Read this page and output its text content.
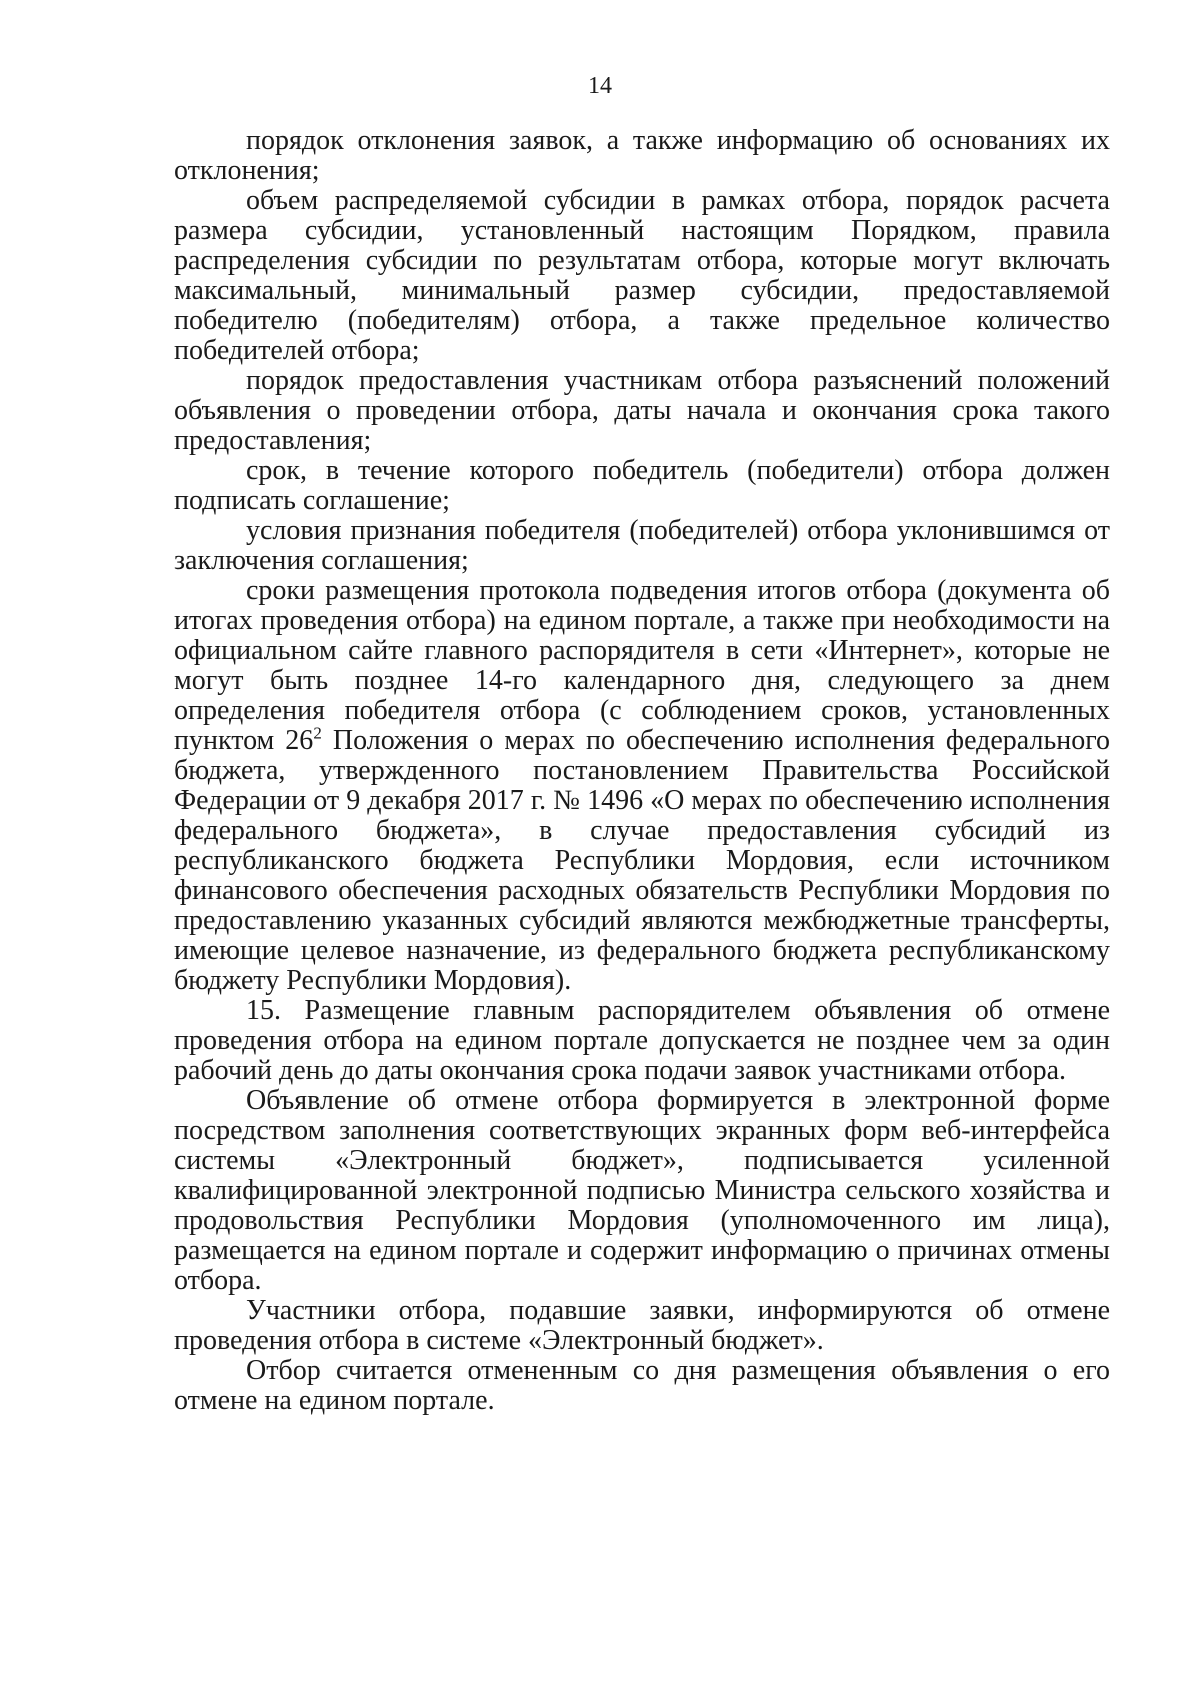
14

порядок отклонения заявок, а также информацию об основаниях их отклонения;

объем распределяемой субсидии в рамках отбора, порядок расчета размера субсидии, установленный настоящим Порядком, правила распределения субсидии по результатам отбора, которые могут включать максимальный, минимальный размер субсидии, предоставляемой победителю (победителям) отбора, а также предельное количество победителей отбора;

порядок предоставления участникам отбора разъяснений положений объявления о проведении отбора, даты начала и окончания срока такого предоставления;

срок, в течение которого победитель (победители) отбора должен подписать соглашение;

условия признания победителя (победителей) отбора уклонившимся от заключения соглашения;

сроки размещения протокола подведения итогов отбора (документа об итогах проведения отбора) на едином портале, а также при необходимости на официальном сайте главного распорядителя в сети «Интернет», которые не могут быть позднее 14-го календарного дня, следующего за днем определения победителя отбора (с соблюдением сроков, установленных пунктом $26^2$ Положения о мерах по обеспечению исполнения федерального бюджета, утвержденного постановлением Правительства Российской Федерации от 9 декабря 2017 г. № 1496 «О мерах по обеспечению исполнения федерального бюджета», в случае предоставления субсидий из республиканского бюджета Республики Мордовия, если источником финансового обеспечения расходных обязательств Республики Мордовия по предоставлению указанных субсидий являются межбюджетные трансферты, имеющие целевое назначение, из федерального бюджета республиканскому бюджету Республики Мордовия).

15. Размещение главным распорядителем объявления об отмене проведения отбора на едином портале допускается не позднее чем за один рабочий день до даты окончания срока подачи заявок участниками отбора.

Объявление об отмене отбора формируется в электронной форме посредством заполнения соответствующих экранных форм веб-интерфейса системы «Электронный бюджет», подписывается усиленной квалифицированной электронной подписью Министра сельского хозяйства и продовольствия Республики Мордовия (уполномоченного им лица), размещается на едином портале и содержит информацию о причинах отмены отбора.

Участники отбора, подавшие заявки, информируются об отмене проведения отбора в системе «Электронный бюджет».

Отбор считается отмененным со дня размещения объявления о его отмене на едином портале.
